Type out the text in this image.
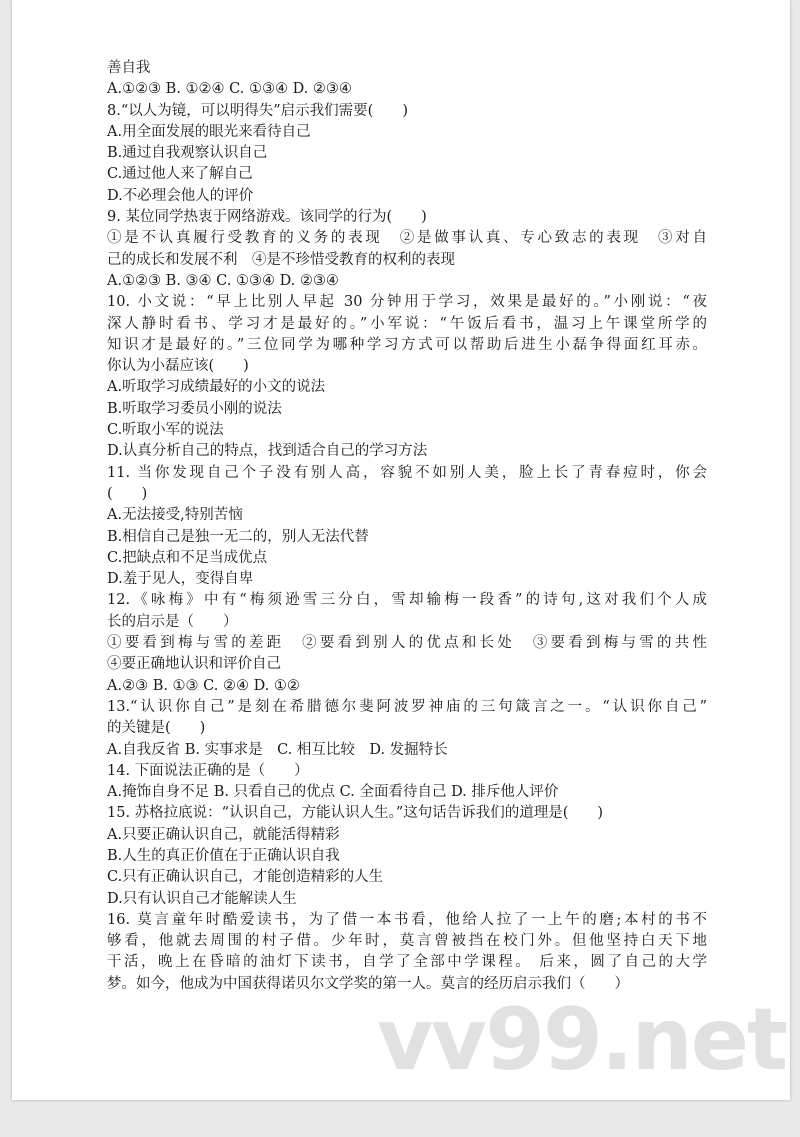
善自我
A.①②③ B. ①②④ C. ①③④ D. ②③④
8.“以人为镜，可以明得失”启示我们需要(　　)
A.用全面发展的眼光来看待自己
B.通过自我观察认识自己
C.通过他人来了解自己
D.不必理会他人的评价
9. 某位同学热衷于网络游戏。该同学的行为(　　)
①是不认真履行受教育的义务的表现　②是做事认真、专心致志的表现　③对自
己的成长和发展不利　④是不珍惜受教育的权利的表现
A.①②③ B. ③④ C. ①③④ D. ②③④
10. 小文说：“早上比别人早起 30 分钟用于学习，效果是最好的。”小刚说：“夜
深人静时看书、学习才是最好的。”小军说：“午饭后看书，温习上午课堂所学的
知识才是最好的。”三位同学为哪种学习方式可以帮助后进生小磊争得面红耳赤。
你认为小磊应该(　　)
A.听取学习成绩最好的小文的说法
B.听取学习委员小刚的说法
C.听取小军的说法
D.认真分析自己的特点，找到适合自己的学习方法
11. 当你发现自己个子没有别人高，容貌不如别人美，脸上长了青春痘时，你会
(　　)
A.无法接受,特别苦恼
B.相信自己是独一无二的，别人无法代替
C.把缺点和不足当成优点
D.羞于见人，变得自卑
12.《咏梅》中有“梅须逊雪三分白，雪却输梅一段香”的诗句,这对我们个人成
长的启示是（　　）
①要看到梅与雪的差距　②要看到别人的优点和长处　③要看到梅与雪的共性
④要正确地认识和评价自己
A.②③ B. ①③ C. ②④ D. ①②
13.“认识你自己”是刻在希腊德尔斐阿波罗神庙的三句箴言之一。“认识你自己”
的关键是(　　)
A.自我反省 B. 实事求是　C. 相互比较　D. 发掘特长
14. 下面说法正确的是（　　）
A.掩饰自身不足 B. 只看自己的优点 C. 全面看待自己 D. 排斥他人评价
15. 苏格拉底说：“认识自己，方能认识人生。”这句话告诉我们的道理是(　　)
A.只要正确认识自己，就能活得精彩
B.人生的真正价值在于正确认识自我
C.只有正确认识自己，才能创造精彩的人生
D.只有认识自己才能解读人生
16. 莫言童年时酷爱读书，为了借一本书看，他给人拉了一上午的磨;本村的书不
够看，他就去周围的村子借。少年时，莫言曾被挡在校门外。但他坚持白天下地
干活，晚上在昏暗的油灯下读书，自学了全部中学课程。 后来，圆了自己的大学
梦。如今，他成为中国获得诺贝尔文学奖的第一人。莫言的经历启示我们（　　）
vv99.net
